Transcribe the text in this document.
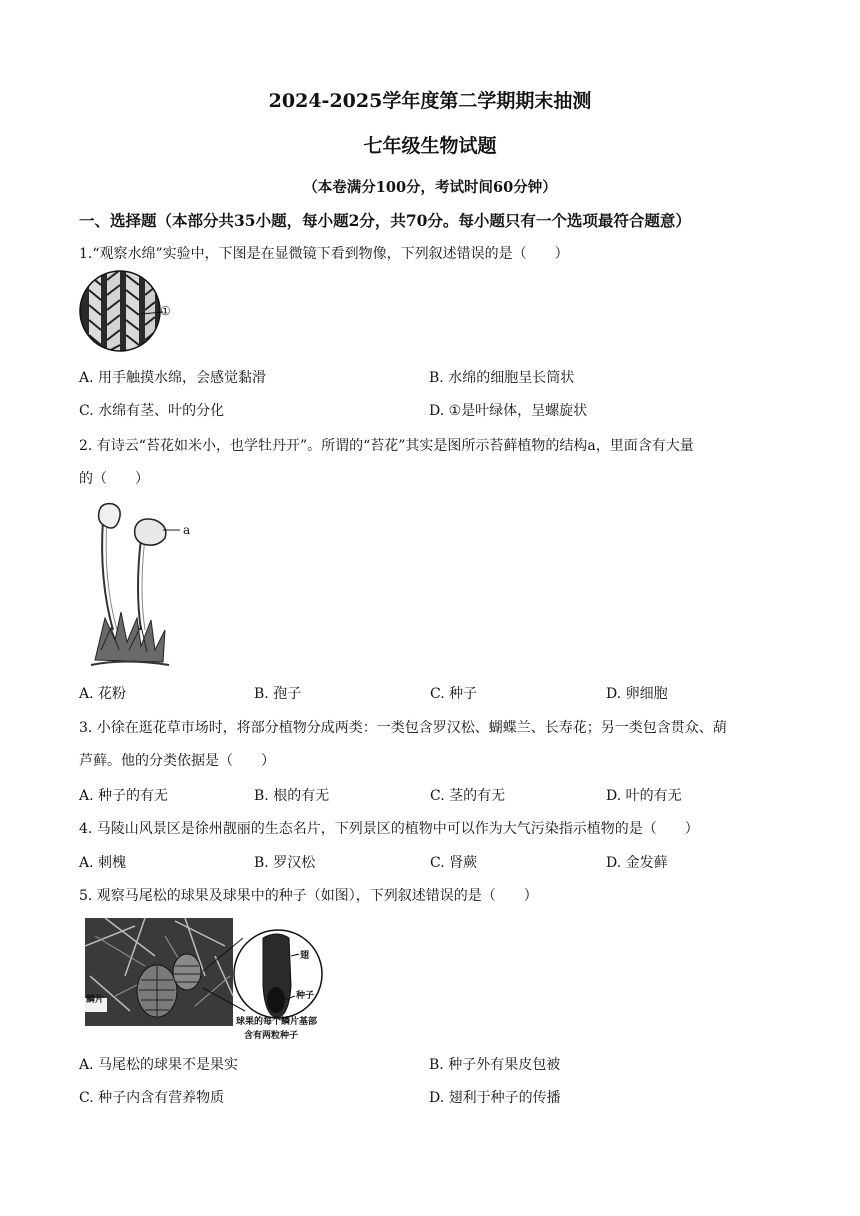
2024-2025学年度第二学期期末抽测
七年级生物试题
（本卷满分100分，考试时间60分钟）
一、选择题（本部分共35小题，每小题2分，共70分。每小题只有一个选项最符合题意）
1.“观察水绵”实验中，下图是在显微镜下看到物像，下列叙述错误的是（　　）
①
A. 用手触摸水绵，会感觉黏滑	B. 水绵的细胞呈长筒状
C. 水绵有茎、叶的分化	D. ①是叶绿体，呈螺旋状
2. 有诗云“苔花如米小，也学牡丹开”。所谓的“苔花”其实是图所示苔藓植物的结构a，里面含有大量
的（　　）
a
A. 花粉	B. 孢子	C. 种子	D. 卵细胞
3. 小徐在逛花草市场时，将部分植物分成两类：一类包含罗汉松、蝴蝶兰、长寿花；另一类包含贯众、葫
芦藓。他的分类依据是（　　）
A. 种子的有无	B. 根的有无	C. 茎的有无	D. 叶的有无
4. 马陵山风景区是徐州靓丽的生态名片，下列景区的植物中可以作为大气污染指示植物的是（　　）
A. 刺槐	B. 罗汉松	C. 肾蕨	D. 金发藓
5. 观察马尾松的球果及球果中的种子（如图），下列叙述错误的是（　　）
鳞片
翅
种子
球果的每个鳞片基部
含有两粒种子
A. 马尾松的球果不是果实	B. 种子外有果皮包被
C. 种子内含有营养物质	D. 翅利于种子的传播
